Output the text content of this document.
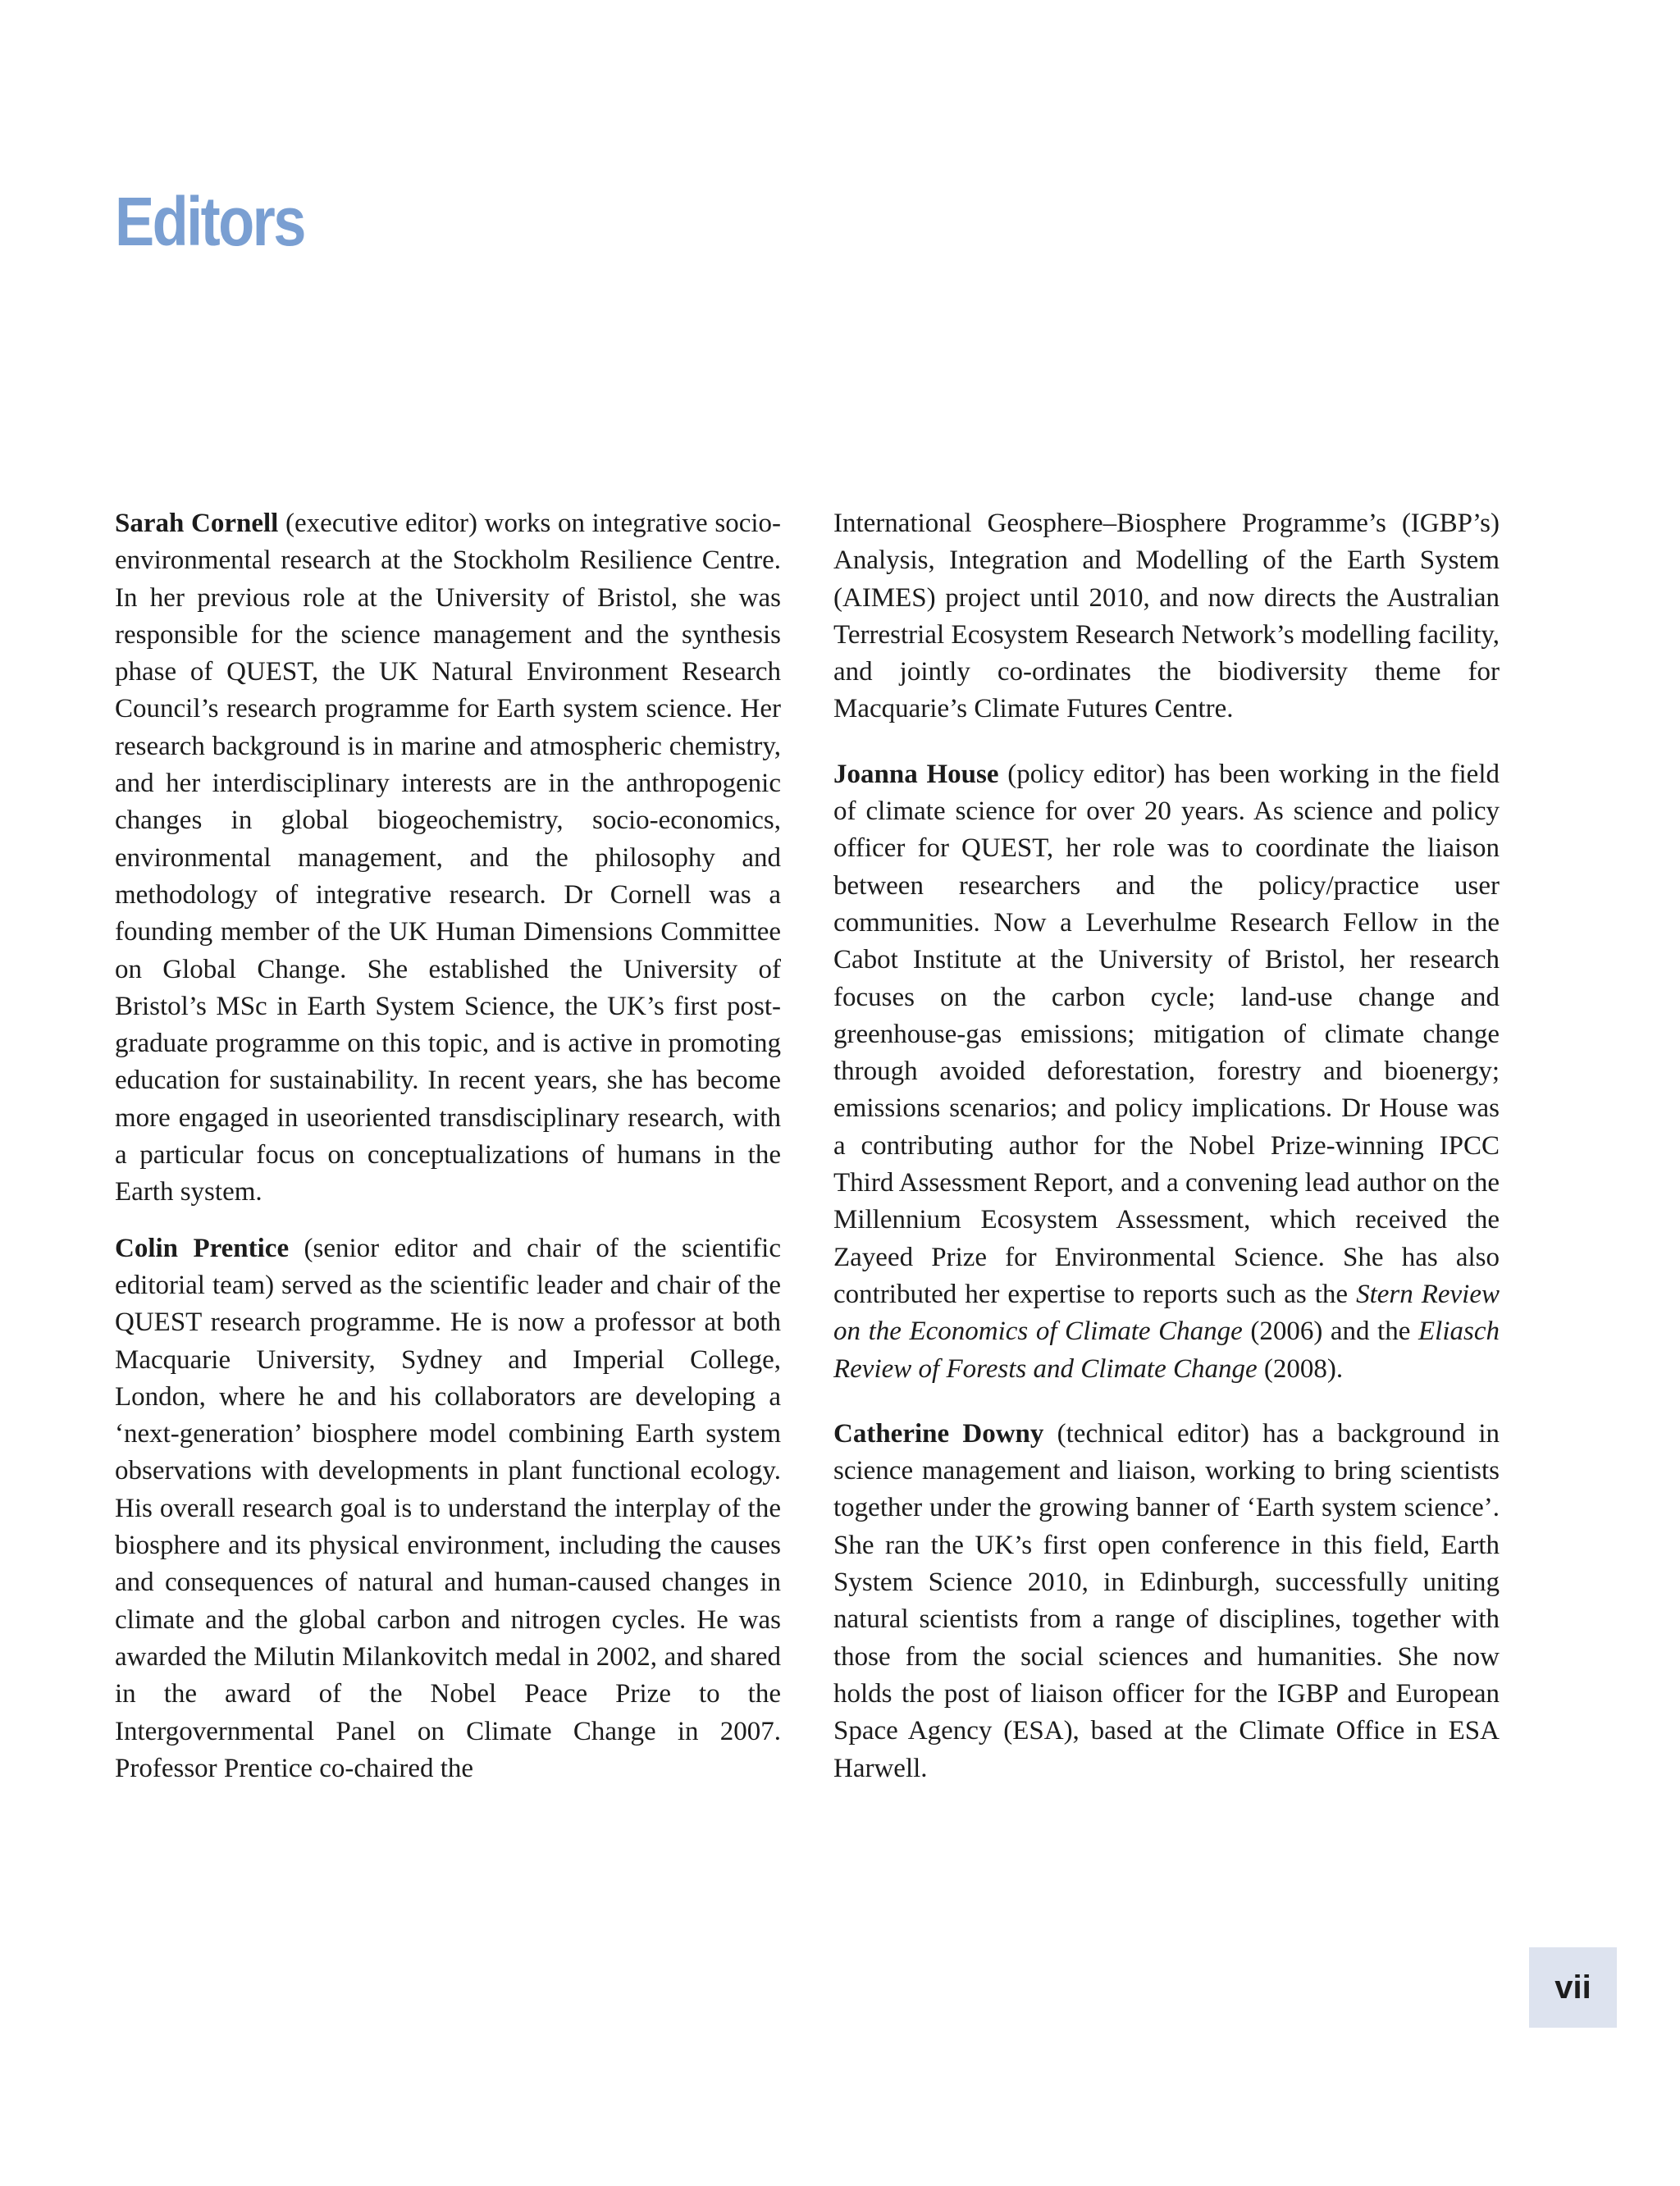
Editors

Sarah Cornell (executive editor) works on integrative socio-environmental research at the Stockholm Resilience Centre. In her previous role at the University of Bristol, she was responsible for the science management and the synthesis phase of QUEST, the UK Natural Environment Research Council’s research programme for Earth system science. Her research background is in marine and atmospheric chemistry, and her interdisciplinary interests are in the anthropogenic changes in global biogeochemistry, socio-economics, environmental management, and the philosophy and methodology of integrative research. Dr Cornell was a founding member of the UK Human Dimensions Committee on Global Change. She established the University of Bristol’s MSc in Earth System Science, the UK’s first post-graduate programme on this topic, and is active in promoting education for sustainability. In recent years, she has become more engaged in useoriented transdisciplinary research, with a particular focus on conceptualizations of humans in the Earth system.

Colin Prentice (senior editor and chair of the scientific editorial team) served as the scientific leader and chair of the QUEST research programme. He is now a professor at both Macquarie University, Sydney and Imperial College, London, where he and his collaborators are developing a ‘next-generation’ biosphere model combining Earth system observations with developments in plant functional ecology. His overall research goal is to understand the interplay of the biosphere and its physical environment, including the causes and consequences of natural and human-caused changes in climate and the global carbon and nitrogen cycles. He was awarded the Milutin Milankovitch medal in 2002, and shared in the award of the Nobel Peace Prize to the Intergovernmental Panel on Climate Change in 2007. Professor Prentice co-chaired the

International Geosphere–Biosphere Programme’s (IGBP’s) Analysis, Integration and Modelling of the Earth System (AIMES) project until 2010, and now directs the Australian Terrestrial Ecosystem Research Network’s modelling facility, and jointly co-ordinates the biodiversity theme for Macquarie’s Climate Futures Centre.

Joanna House (policy editor) has been working in the field of climate science for over 20 years. As science and policy officer for QUEST, her role was to coordinate the liaison between researchers and the policy/practice user communities. Now a Leverhulme Research Fellow in the Cabot Institute at the University of Bristol, her research focuses on the carbon cycle; land-use change and greenhouse-gas emissions; mitigation of climate change through avoided deforestation, forestry and bioenergy; emissions scenarios; and policy implications. Dr House was a contributing author for the Nobel Prize-winning IPCC Third Assessment Report, and a convening lead author on the Millennium Ecosystem Assessment, which received the Zayeed Prize for Environmental Science. She has also contributed her expertise to reports such as the Stern Review on the Economics of Climate Change (2006) and the Eliasch Review of Forests and Climate Change (2008).

Catherine Downy (technical editor) has a background in science management and liaison, working to bring scientists together under the growing banner of ‘Earth system science’. She ran the UK’s first open conference in this field, Earth System Science 2010, in Edinburgh, successfully uniting natural scientists from a range of disciplines, together with those from the social sciences and humanities. She now holds the post of liaison officer for the IGBP and European Space Agency (ESA), based at the Climate Office in ESA Harwell.

vii
